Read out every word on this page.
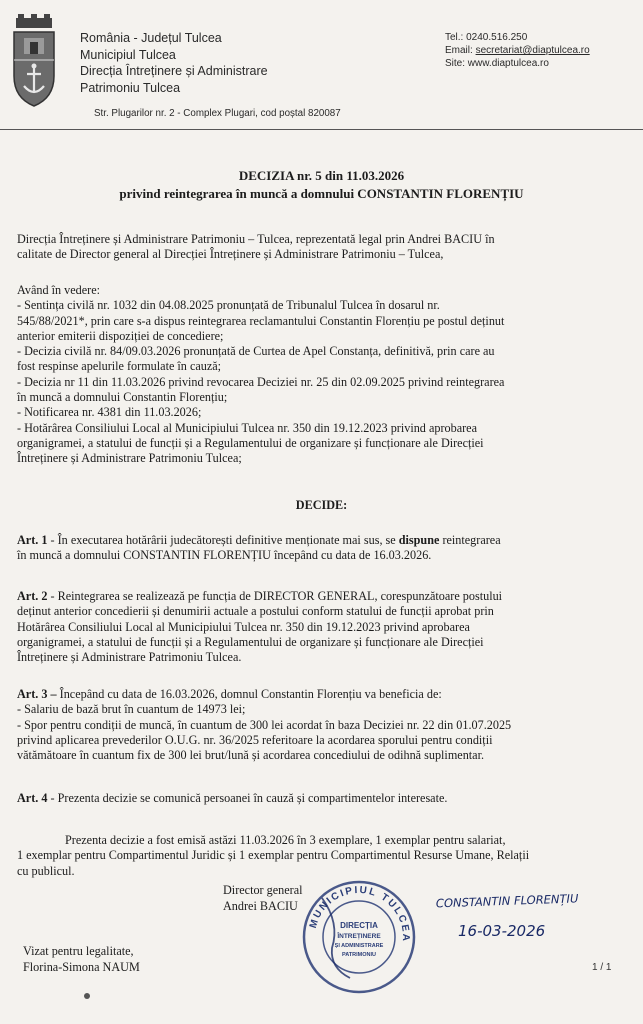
România - Județul Tulcea
Municipiul Tulcea
Direcția Întreținere și Administrare
Patrimoniu Tulcea
Tel.: 0240.516.250
Email: secretariat@diaptulcea.ro
Site: www.diaptulcea.ro
Str. Plugarilor nr. 2 - Complex Plugari, cod poștal 820087
DECIZIA nr. 5 din 11.03.2026
privind reintegrarea în muncă a domnului CONSTANTIN FLORENȚIU
Direcția Întreținere și Administrare Patrimoniu – Tulcea, reprezentată legal prin Andrei BACIU în
calitate de Director general al Direcției Întreținere și Administrare Patrimoniu – Tulcea,
Având în vedere:
- Sentința civilă nr. 1032 din 04.08.2025 pronunțată de Tribunalul Tulcea în dosarul nr.
545/88/2021*, prin care s-a dispus reintegrarea reclamantului Constantin Florențiu pe postul deținut
anterior emiterii dispoziției de concediere;
- Decizia civilă nr. 84/09.03.2026 pronunțată de Curtea de Apel Constanța, definitivă, prin care au
fost respinse apelurile formulate în cauză;
- Decizia nr 11 din 11.03.2026 privind revocarea Deciziei nr. 25 din 02.09.2025 privind reintegrarea
în muncă a domnului Constantin Florențiu;
- Notificarea nr. 4381 din 11.03.2026;
- Hotărârea Consiliului Local al Municipiului Tulcea nr. 350 din 19.12.2023 privind aprobarea
organigramei, a statului de funcții și a Regulamentului de organizare și funcționare ale Direcției
Întreținere și Administrare Patrimoniu Tulcea;
DECIDE:
Art. 1 - În executarea hotărârii judecătorești definitive menționate mai sus, se dispune reintegrarea
în muncă a domnului CONSTANTIN FLORENȚIU începând cu data de 16.03.2026.
Art. 2 - Reintegrarea se realizează pe funcția de DIRECTOR GENERAL, corespunzătoare postului
deținut anterior concedierii și denumirii actuale a postului conform statului de funcții aprobat prin
Hotărârea Consiliului Local al Municipiului Tulcea nr. 350 din 19.12.2023 privind aprobarea
organigramei, a statului de funcții și a Regulamentului de organizare și funcționare ale Direcției
Întreținere și Administrare Patrimoniu Tulcea.
Art. 3 – Începând cu data de 16.03.2026, domnul Constantin Florențiu va beneficia de:
- Salariu de bază brut în cuantum de 14973 lei;
- Spor pentru condiții de muncă, în cuantum de 300 lei acordat în baza Deciziei nr. 22 din 01.07.2025
privind aplicarea prevederilor O.U.G. nr. 36/2025 referitoare la acordarea sporului pentru condiții
vătămătoare în cuantum fix de 300 lei brut/lună și acordarea concediului de odihnă suplimentar.
Art. 4 - Prezenta decizie se comunică persoanei în cauză și compartimentelor interesate.
Prezenta decizie a fost emisă astăzi 11.03.2026 în 3 exemplare, 1 exemplar pentru salariat,
1 exemplar pentru Compartimentul Juridic și 1 exemplar pentru Compartimentul Resurse Umane, Relații
cu publicul.
Director general
Andrei BACIU
MUNICIPIUL TULCEA
DIRECȚIA
ÎNTREȚINERE
ȘI ADMINISTRARE
PATRIMONIU
CONSTANTIN FLORENȚIU
16-03-2026
Vizat pentru legalitate,
Florina-Simona NAUM	1 / 1
